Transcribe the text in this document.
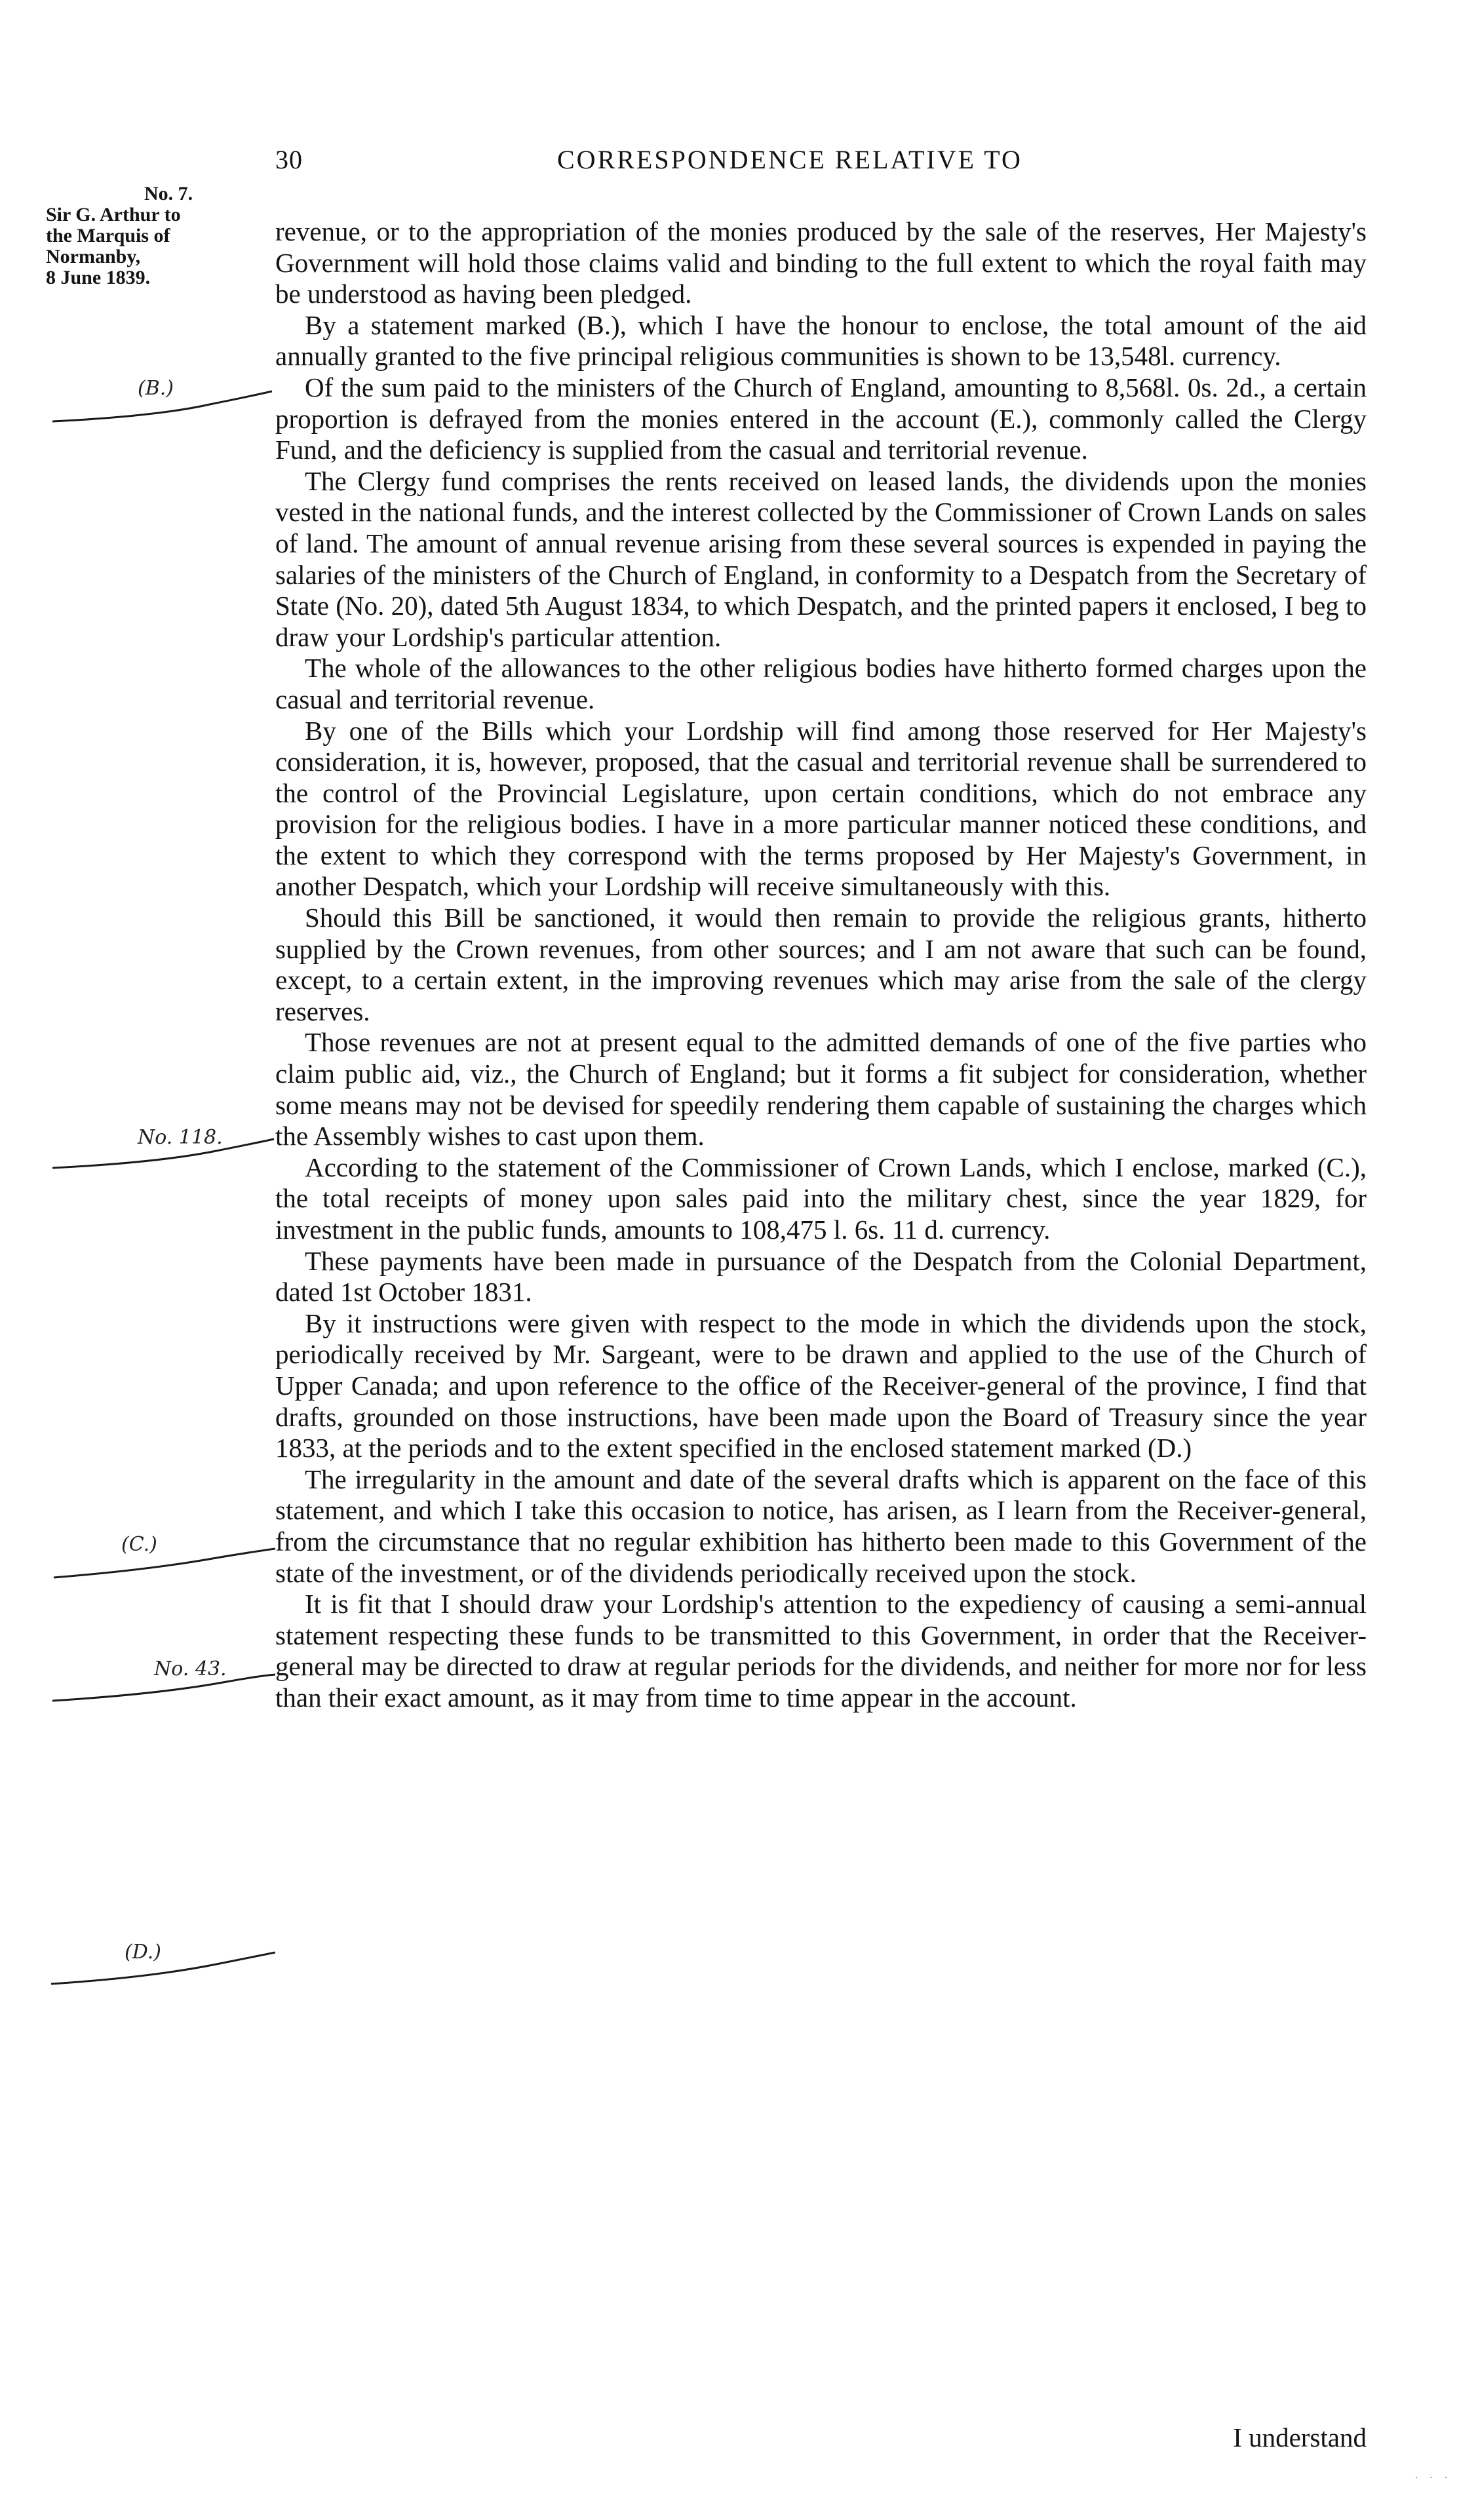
30	CORRESPONDENCE RELATIVE TO
No. 7.
Sir G. Arthur to
the Marquis of
Normanby,
8 June 1839.
(B.)
No. 118.
(C.)
No. 43.
(D.)

revenue, or to the appropriation of the monies produced by the sale of the reserves, Her Majesty's Government will hold those claims valid and binding to the full extent to which the royal faith may be understood as having been pledged.

By a statement marked (B.), which I have the honour to enclose, the total amount of the aid annually granted to the five principal religious communities is shown to be 13,548l. currency.

Of the sum paid to the ministers of the Church of England, amounting to 8,568l. 0s. 2d., a certain proportion is defrayed from the monies entered in the account (E.), commonly called the Clergy Fund, and the deficiency is supplied from the casual and territorial revenue.

The Clergy fund comprises the rents received on leased lands, the dividends upon the monies vested in the national funds, and the interest collected by the Commissioner of Crown Lands on sales of land. The amount of annual revenue arising from these several sources is expended in paying the salaries of the ministers of the Church of England, in conformity to a Despatch from the Secretary of State (No. 20), dated 5th August 1834, to which Despatch, and the printed papers it enclosed, I beg to draw your Lordship's particular attention.

The whole of the allowances to the other religious bodies have hitherto formed charges upon the casual and territorial revenue.

By one of the Bills which your Lordship will find among those reserved for Her Majesty's consideration, it is, however, proposed, that the casual and territorial revenue shall be surrendered to the control of the Provincial Legislature, upon certain conditions, which do not embrace any provision for the religious bodies. I have in a more particular manner noticed these conditions, and the extent to which they correspond with the terms proposed by Her Majesty's Government, in another Despatch, which your Lordship will receive simultaneously with this.

Should this Bill be sanctioned, it would then remain to provide the religious grants, hitherto supplied by the Crown revenues, from other sources; and I am not aware that such can be found, except, to a certain extent, in the improving revenues which may arise from the sale of the clergy reserves.

Those revenues are not at present equal to the admitted demands of one of the five parties who claim public aid, viz., the Church of England; but it forms a fit subject for consideration, whether some means may not be devised for speedily rendering them capable of sustaining the charges which the Assembly wishes to cast upon them.

According to the statement of the Commissioner of Crown Lands, which I enclose, marked (C.), the total receipts of money upon sales paid into the military chest, since the year 1829, for investment in the public funds, amounts to 108,475 l. 6s. 11 d. currency.

These payments have been made in pursuance of the Despatch from the Colonial Department, dated 1st October 1831.

By it instructions were given with respect to the mode in which the dividends upon the stock, periodically received by Mr. Sargeant, were to be drawn and applied to the use of the Church of Upper Canada; and upon reference to the office of the Receiver-general of the province, I find that drafts, grounded on those instructions, have been made upon the Board of Treasury since the year 1833, at the periods and to the extent specified in the enclosed statement marked (D.)

The irregularity in the amount and date of the several drafts which is apparent on the face of this statement, and which I take this occasion to notice, has arisen, as I learn from the Receiver-general, from the circumstance that no regular exhibition has hitherto been made to this Government of the state of the investment, or of the dividends periodically received upon the stock.

It is fit that I should draw your Lordship's attention to the expediency of causing a semi-annual statement respecting these funds to be transmitted to this Government, in order that the Receiver-general may be directed to draw at regular periods for the dividends, and neither for more nor for less than their exact amount, as it may from time to time appear in the account.

I understand
· · ·
